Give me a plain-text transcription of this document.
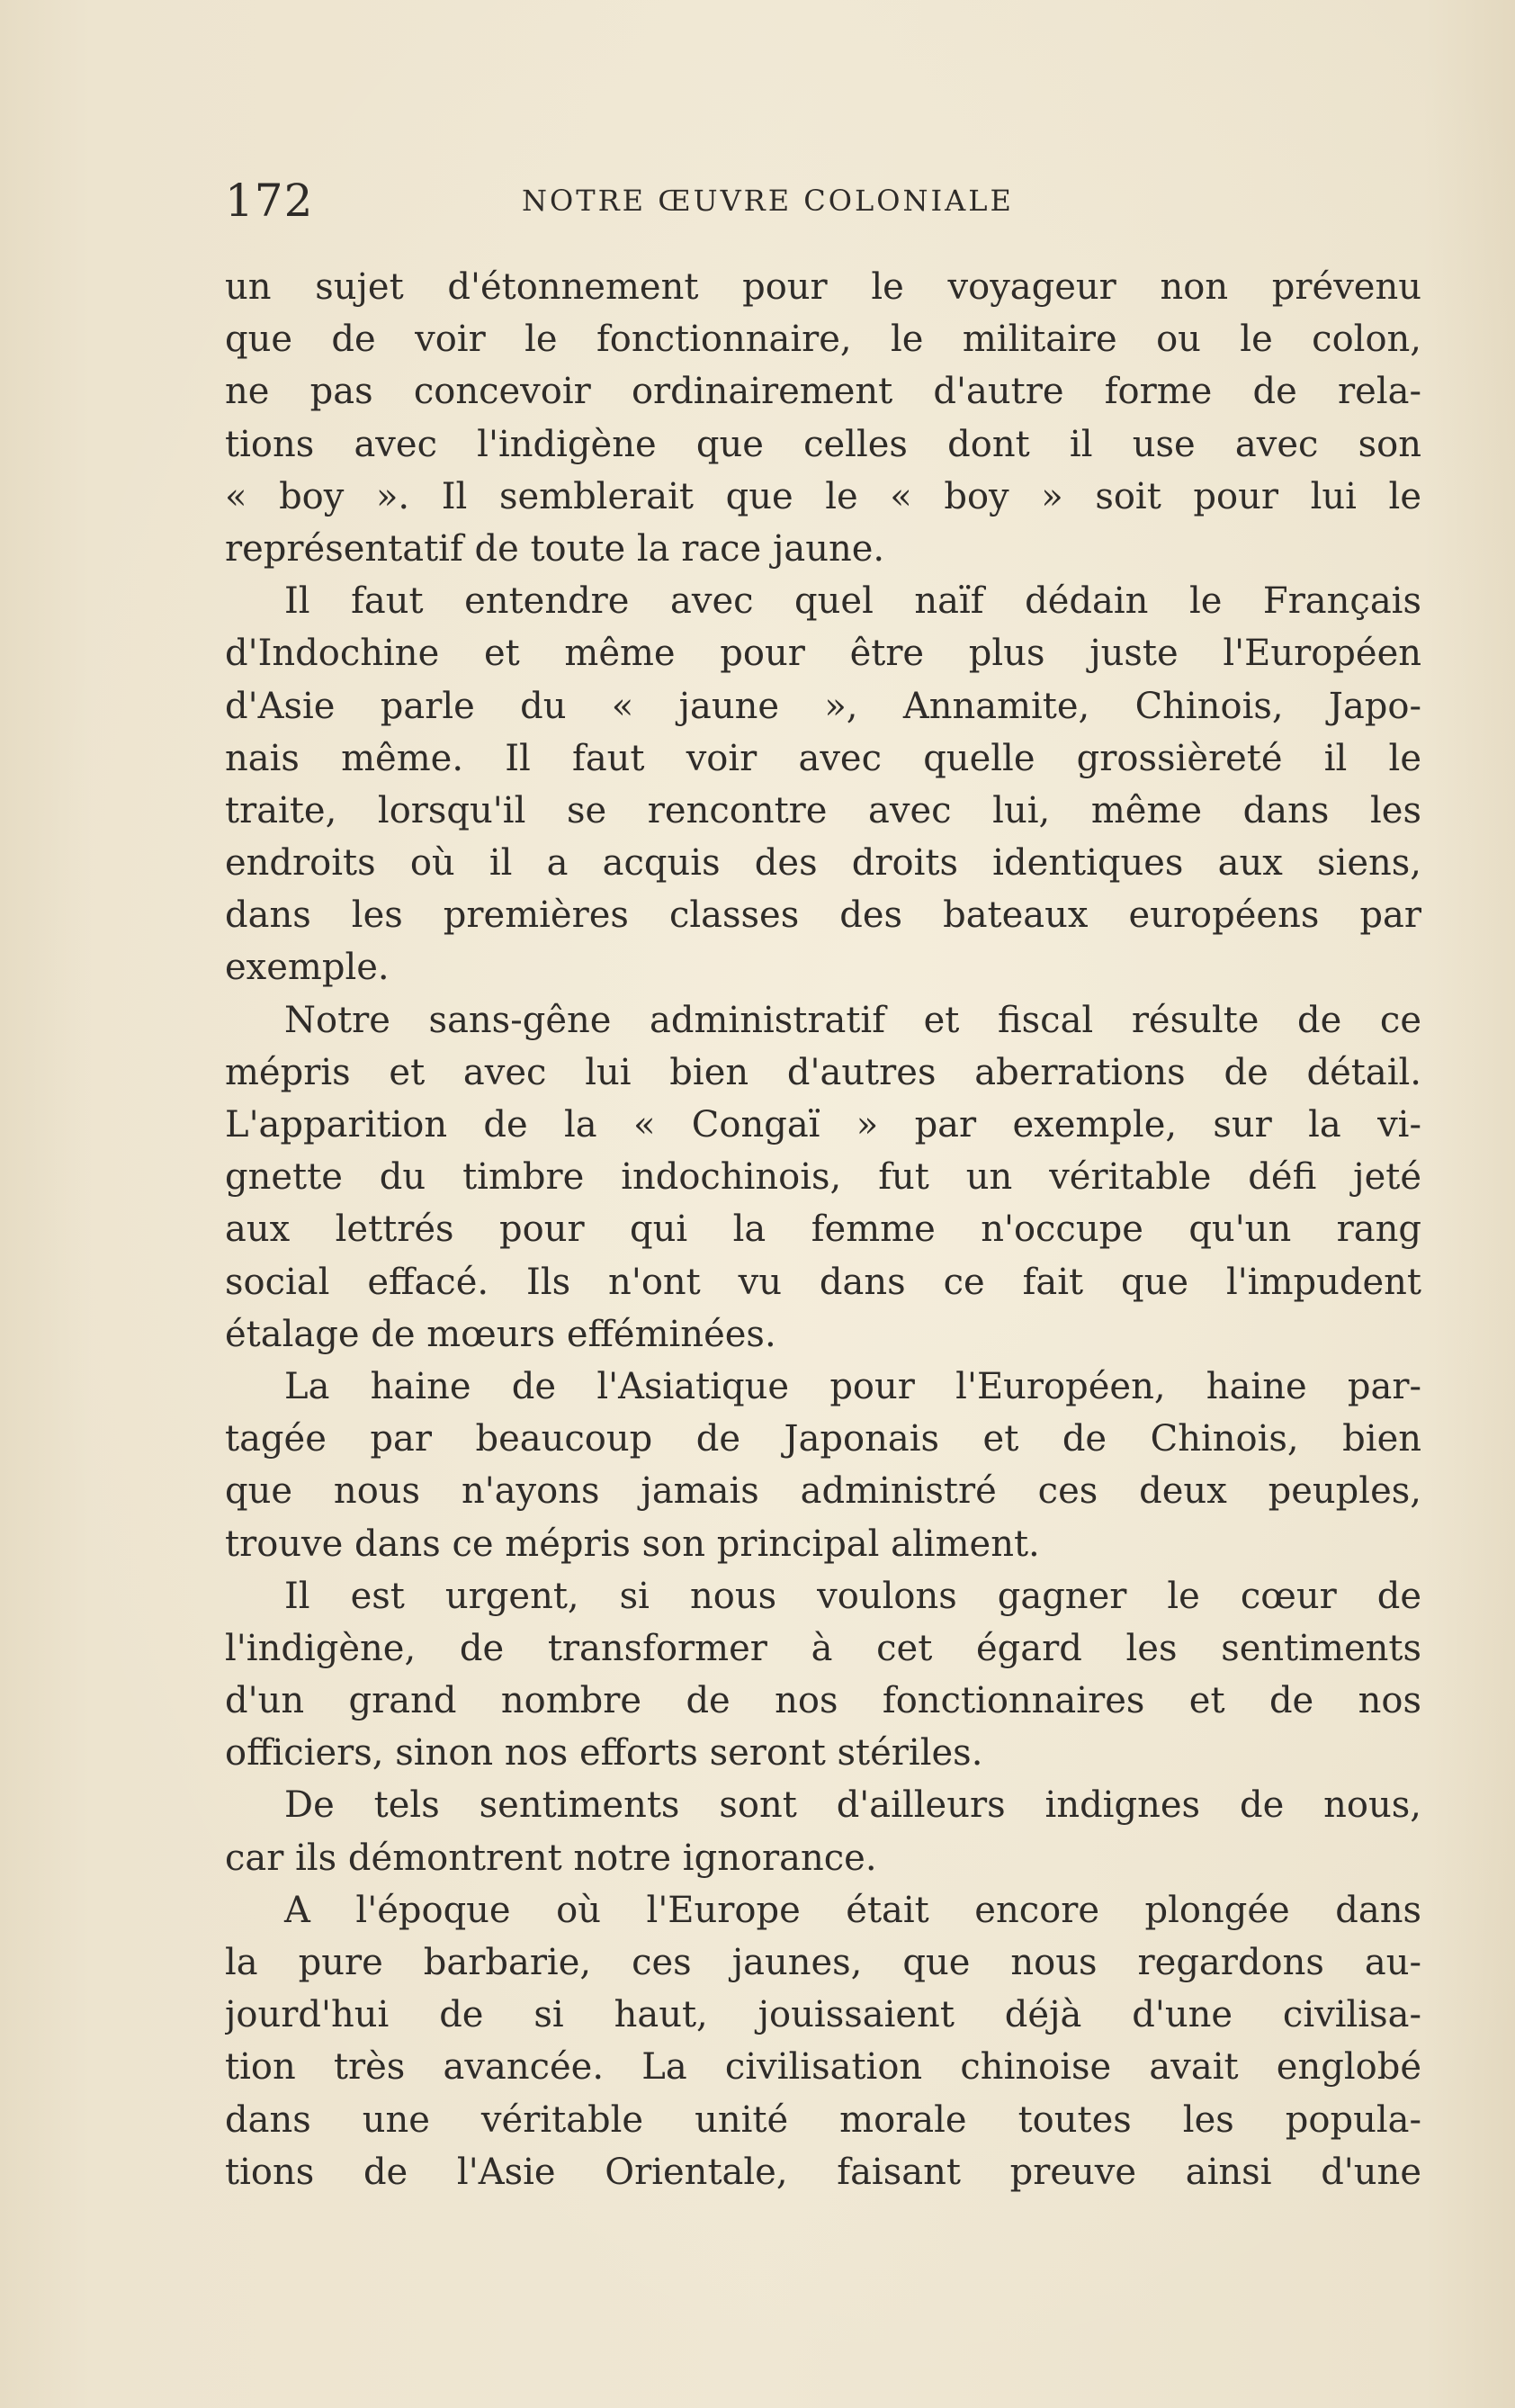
172	NOTRE ŒUVRE COLONIALE
un sujet d'étonnement pour le voyageur non prévenu
que de voir le fonctionnaire, le militaire ou le colon,
ne pas concevoir ordinairement d'autre forme de rela-
tions avec l'indigène que celles dont il use avec son
« boy ». Il semblerait que le « boy » soit pour lui le
représentatif de toute la race jaune.
Il faut entendre avec quel naïf dédain le Français
d'Indochine et même pour être plus juste l'Européen
d'Asie parle du « jaune », Annamite, Chinois, Japo-
nais même. Il faut voir avec quelle grossièreté il le
traite, lorsqu'il se rencontre avec lui, même dans les
endroits où il a acquis des droits identiques aux siens,
dans les premières classes des bateaux européens par
exemple.
Notre sans-gêne administratif et fiscal résulte de ce
mépris et avec lui bien d'autres aberrations de détail.
L'apparition de la « Congaï » par exemple, sur la vi-
gnette du timbre indochinois, fut un véritable défi jeté
aux lettrés pour qui la femme n'occupe qu'un rang
social effacé. Ils n'ont vu dans ce fait que l'impudent
étalage de mœurs efféminées.
La haine de l'Asiatique pour l'Européen, haine par-
tagée par beaucoup de Japonais et de Chinois, bien
que nous n'ayons jamais administré ces deux peuples,
trouve dans ce mépris son principal aliment.
Il est urgent, si nous voulons gagner le cœur de
l'indigène, de transformer à cet égard les sentiments
d'un grand nombre de nos fonctionnaires et de nos
officiers, sinon nos efforts seront stériles.
De tels sentiments sont d'ailleurs indignes de nous,
car ils démontrent notre ignorance.
A l'époque où l'Europe était encore plongée dans
la pure barbarie, ces jaunes, que nous regardons au-
jourd'hui de si haut, jouissaient déjà d'une civilisa-
tion très avancée. La civilisation chinoise avait englobé
dans une véritable unité morale toutes les popula-
tions de l'Asie Orientale, faisant preuve ainsi d'une
